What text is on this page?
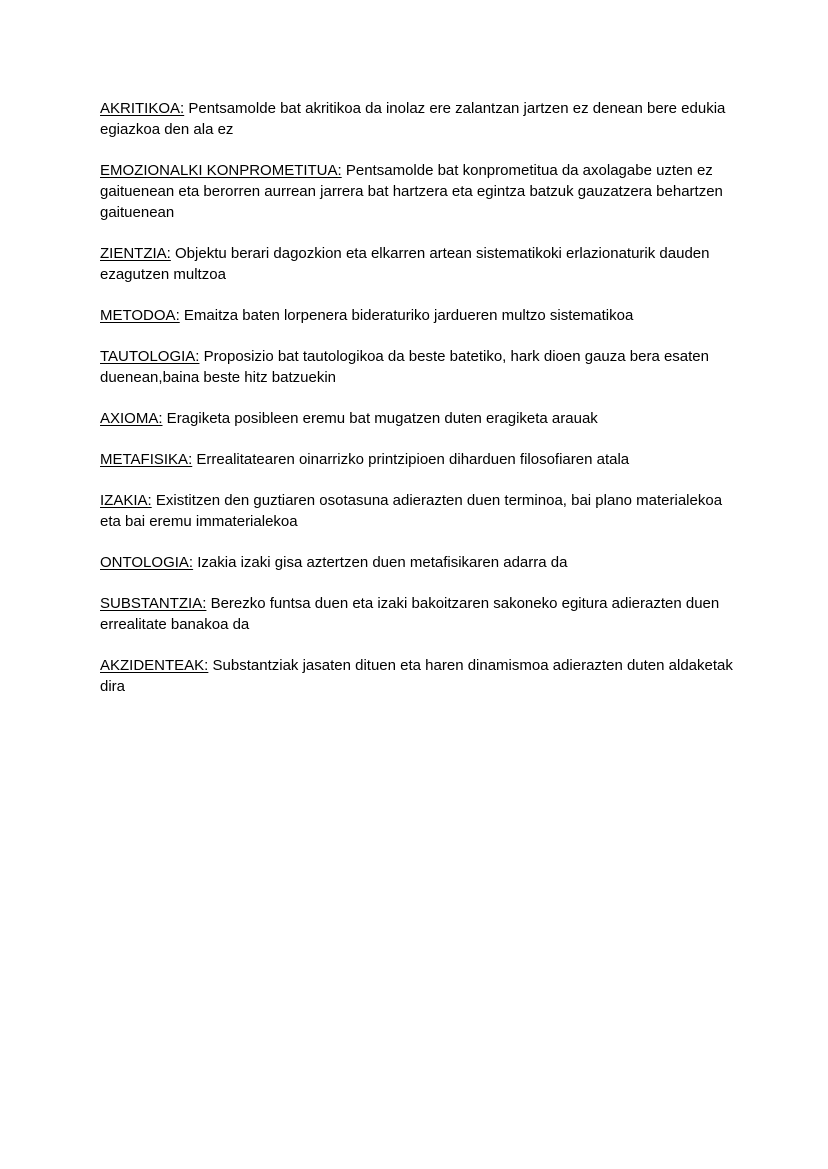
AKRITIKOA: Pentsamolde bat akritikoa da inolaz ere zalantzan jartzen ez denean bere edukia egiazkoa den ala ez

EMOZIONALKI KONPROMETITUA: Pentsamolde bat konprometitua da axolagabe uzten ez gaituenean eta berorren aurrean jarrera bat hartzera eta egintza batzuk gauzatzera behartzen gaituenean

ZIENTZIA: Objektu berari dagozkion eta elkarren artean sistematikoki erlazionaturik dauden ezagutzen multzoa

METODOA: Emaitza baten lorpenera bideraturiko jardueren multzo sistematikoa

TAUTOLOGIA: Proposizio bat tautologikoa da beste batetiko, hark dioen gauza bera esaten duenean,baina beste hitz batzuekin

AXIOMA: Eragiketa posibleen eremu bat mugatzen duten eragiketa arauak

METAFISIKA: Errealitatearen oinarrizko printzipioen diharduen filosofiaren atala

IZAKIA: Existitzen den guztiaren osotasuna adierazten duen terminoa, bai plano materialekoa eta bai eremu immaterialekoa

ONTOLOGIA: Izakia izaki gisa aztertzen duen metafisikaren adarra da

SUBSTANTZIA: Berezko funtsa duen eta izaki bakoitzaren sakoneko egitura adierazten duen errealitate banakoa da

AKZIDENTEAK: Substantziak jasaten dituen eta haren dinamismoa adierazten duten aldaketak dira
